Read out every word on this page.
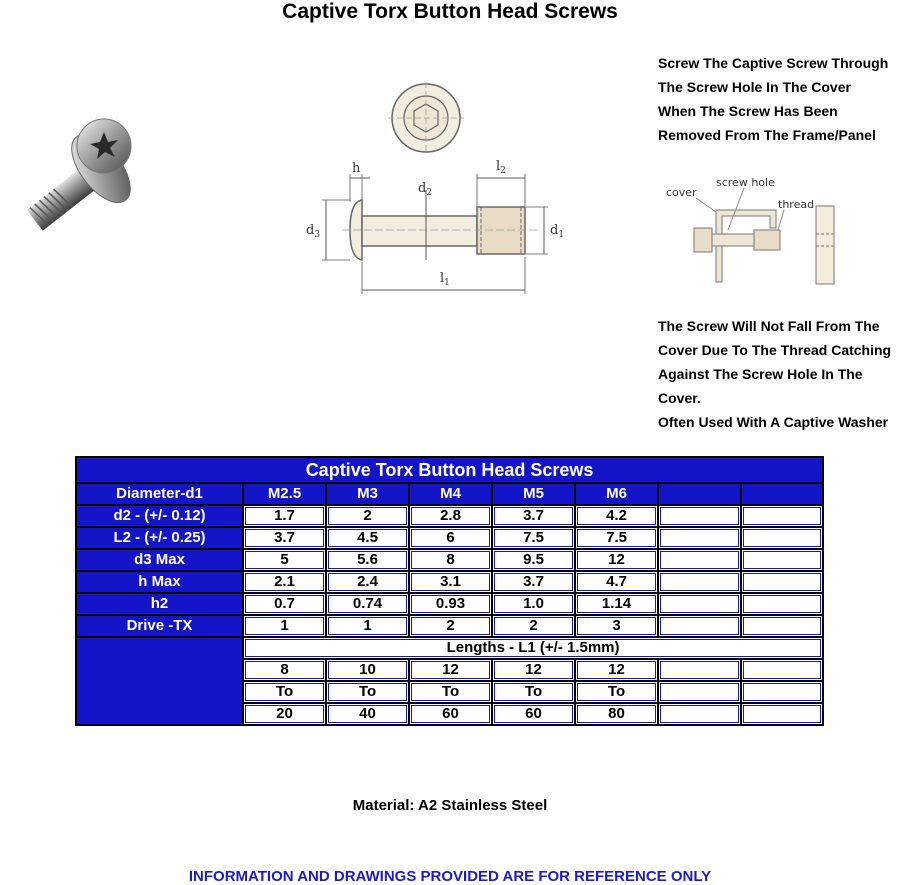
Captive Torx Button Head Screws
h
$d_2$
$l_2$
$d_3$	$d_1$
$l_1$
Screw The Captive Screw Through
The Screw Hole In The Cover
When The Screw Has Been
Removed From The Frame/Panel
cover
screw hole
thread
The Screw Will Not Fall From The
Cover Due To The Thread Catching
Against The Screw Hole In The
Cover.
Often Used With A Captive Washer
Captive Torx Button Head Screws							
Diameter-d1	M2.5	M3	M4	M5	M6		
d2 - (+/- 0.12)	1.7	2	2.8	3.7	4.2		
L2 - (+/- 0.25)	3.7	4.5	6	7.5	7.5		
d3 Max	5	5.6	8	9.5	12		
h Max	2.1	2.4	3.1	3.7	4.7		
h2	0.7	0.74	0.93	1.0	1.14		
Drive -TX	1	1	2	2	3		
	Lengths - L1 (+/- 1.5mm)						
	8	10	12	12	12		
	To	To	To	To	To		
	20	40	60	60	80		
Material: A2 Stainless Steel
INFORMATION AND DRAWINGS PROVIDED ARE FOR REFERENCE ONLY
